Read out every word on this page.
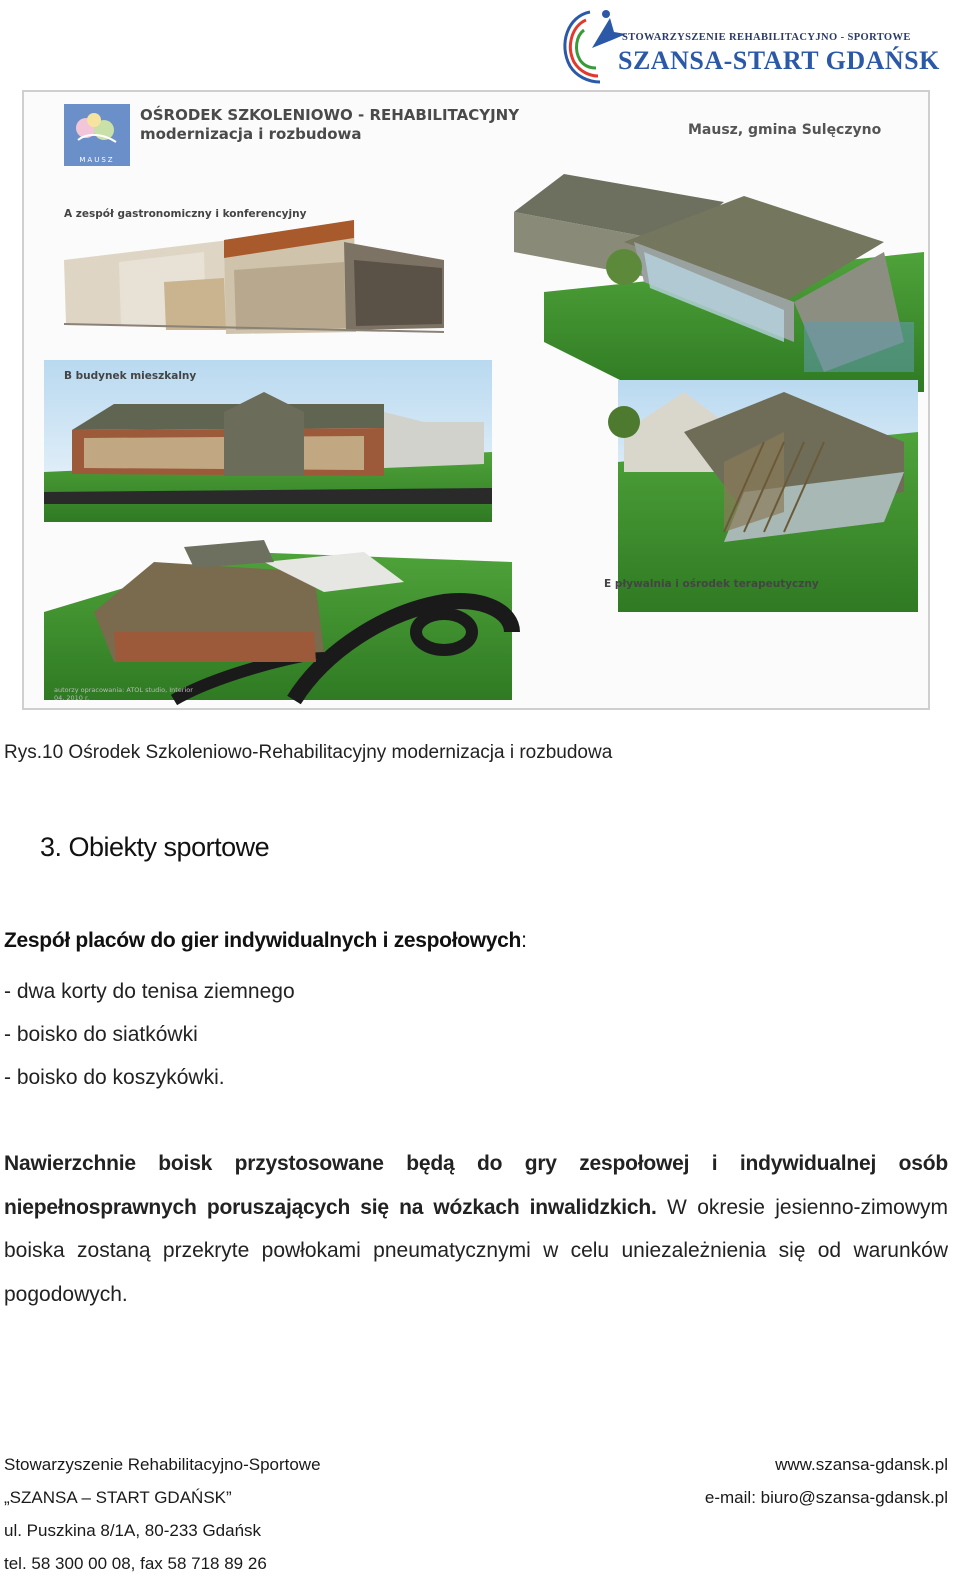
STOWARZYSZENIE REHABILITACYJNO - SPORTOWE
SZANSA-START GDAŃSK
MAUSZ
OŚRODEK SZKOLENIOWO - REHABILITACYJNY
modernizacja i rozbudowa	Mausz, gmina Sulęczyno
A zespół gastronomiczny i konferencyjny
B budynek mieszkalny
E pływalnia i ośrodek terapeutyczny
autorzy opracowania: ATOL studio, Interior
04. 2010 r.
Rys.10 Ośrodek Szkoleniowo-Rehabilitacyjny modernizacja i rozbudowa
3. Obiekty sportowe
Zespół placów do gier indywidualnych i zespołowych:
- dwa korty do tenisa ziemnego
- boisko do siatkówki
- boisko do koszykówki.
Nawierzchnie boisk przystosowane będą do gry zespołowej i indywidualnej osób niepełnosprawnych poruszających się na wózkach inwalidzkich. W okresie jesienno-zimowym boiska zostaną przekryte powłokami pneumatycznymi w celu uniezależnienia się od warunków pogodowych.
Stowarzyszenie Rehabilitacyjno-Sportowe
„SZANSA – START GDAŃSK”
ul. Puszkina 8/1A, 80-233 Gdańsk
tel. 58 300 00 08, fax 58 718 89 26
www.szansa-gdansk.pl
e-mail: biuro@szansa-gdansk.pl
